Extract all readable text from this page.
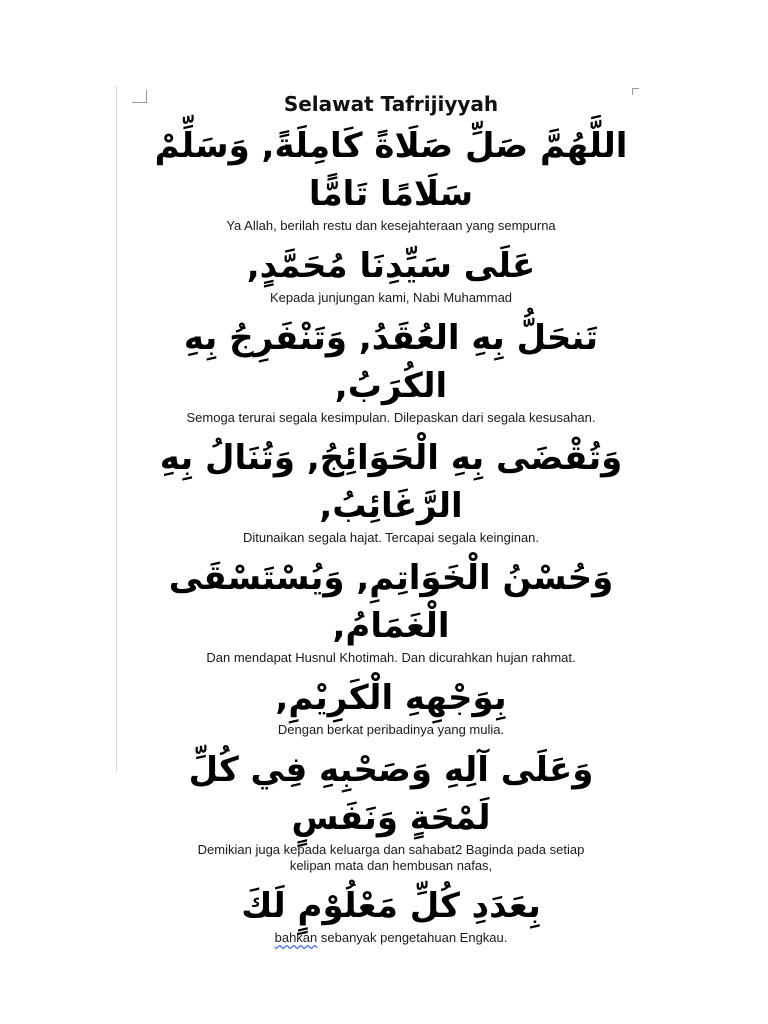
Selawat Tafrijiyyah

اللَّهُمَّ صَلِّ صَلَاةً كَامِلَةً, وَسَلِّمْ سَلَامًا تَامًّا

Ya Allah, berilah restu dan kesejahteraan yang sempurna

عَلَى سَيِّدِنَا مُحَمَّدٍ,

Kepada junjungan kami, Nabi Muhammad

تَنحَلُّ بِهِ العُقَدُ, وَتَنْفَرِجُ بِهِ الكُرَبُ,

Semoga terurai segala kesimpulan. Dilepaskan dari segala kesusahan.

وَتُقْضَى بِهِ الْحَوَائِجُ, وَتُنَالُ بِهِ الرَّغَائِبُ,

Ditunaikan segala hajat. Tercapai segala keinginan.

وَحُسْنُ الْخَوَاتِمِ, وَيُسْتَسْقَى الْغَمَامُ,

Dan mendapat Husnul Khotimah. Dan dicurahkan hujan rahmat.

بِوَجْهِهِ الْكَرِيْمِ,

Dengan berkat peribadinya yang mulia.

وَعَلَى آلِهِ وَصَحْبِهِ فِي كُلِّ لَمْحَةٍ وَنَفَسٍ

Demikian juga kepada keluarga dan sahabat2 Baginda pada setiap

kelipan mata dan hembusan nafas,

بِعَدَدِ كُلِّ مَعْلُوْمٍ لَكَ

bahkan sebanyak pengetahuan Engkau.
